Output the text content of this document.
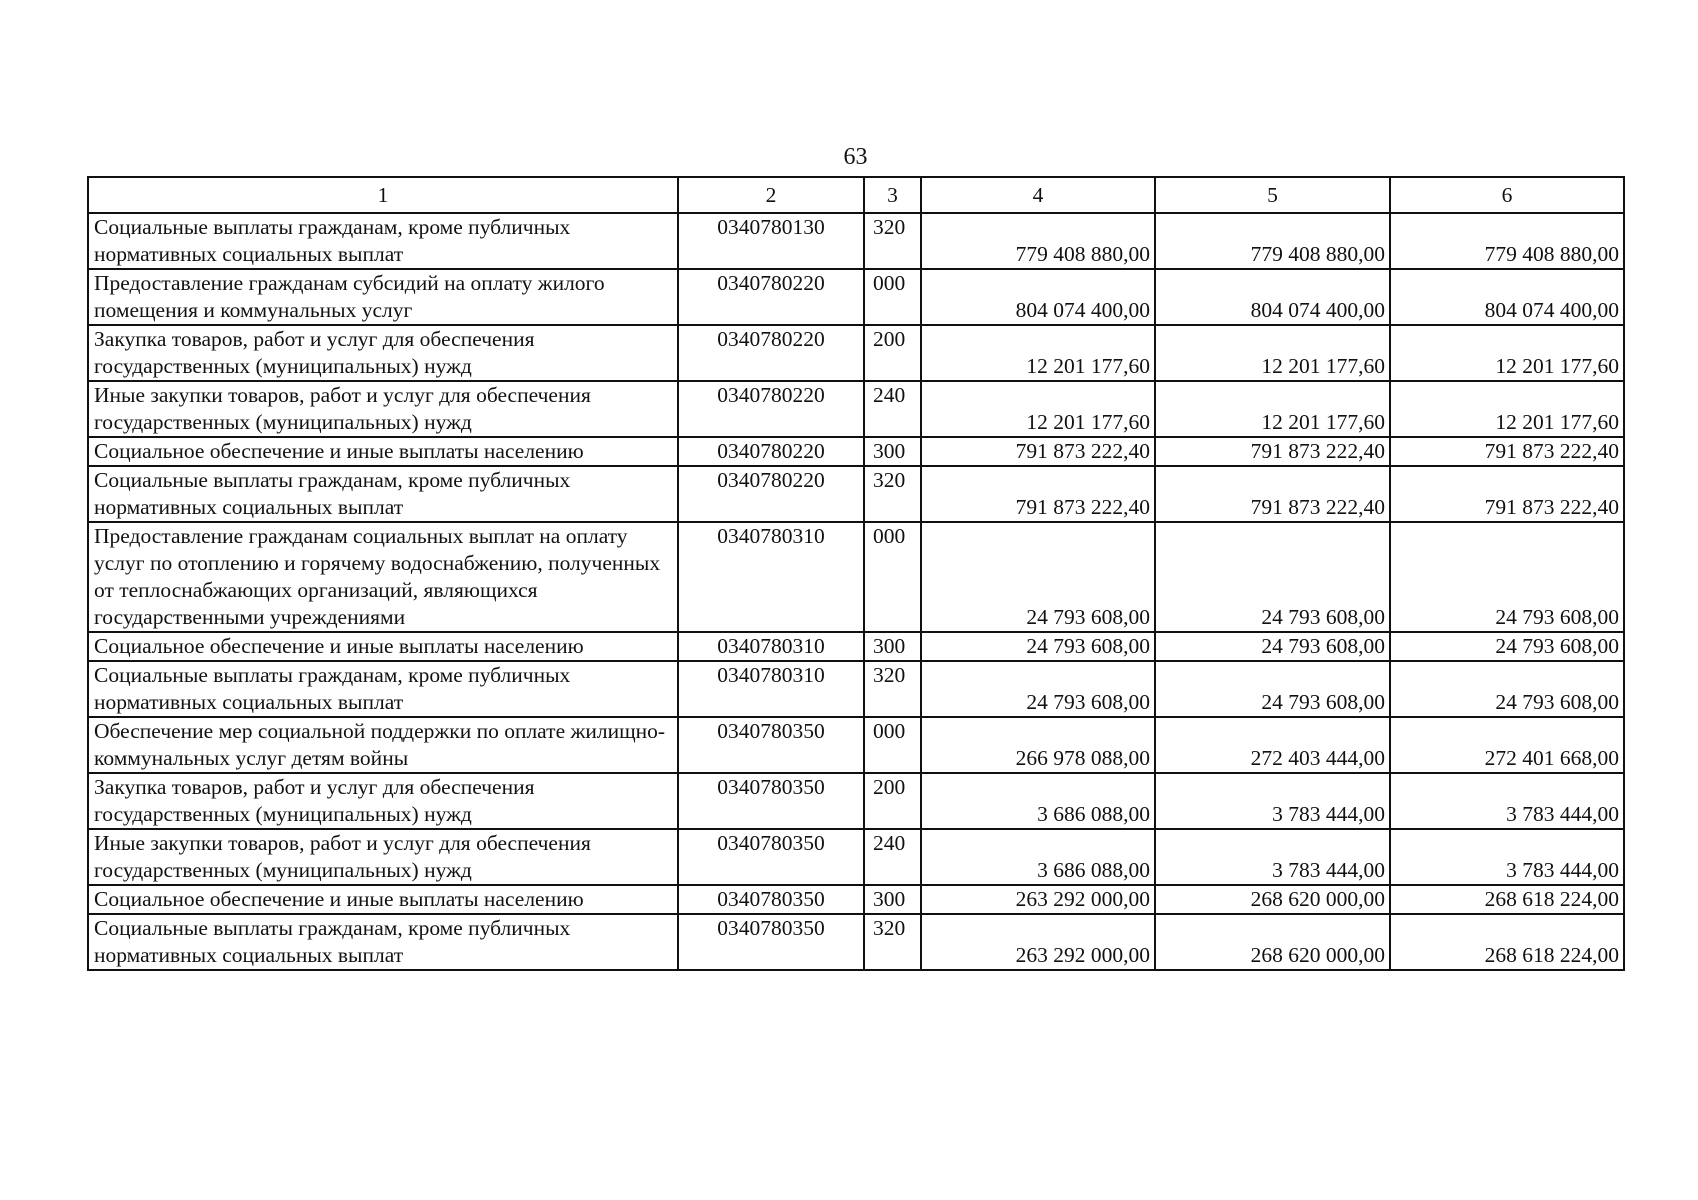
63
1	2	3	4	5	6
Социальные выплаты гражданам, кроме публичных нормативных социальных выплат	0340780130	320	779 408 880,00	779 408 880,00	779 408 880,00
Предоставление гражданам субсидий на оплату жилого помещения и коммунальных услуг	0340780220	000	804 074 400,00	804 074 400,00	804 074 400,00
Закупка товаров, работ и услуг для обеспечения государственных (муниципальных) нужд	0340780220	200	12 201 177,60	12 201 177,60	12 201 177,60
Иные закупки товаров, работ и услуг для обеспечения государственных (муниципальных) нужд	0340780220	240	12 201 177,60	12 201 177,60	12 201 177,60
Социальное обеспечение и иные выплаты населению	0340780220	300	791 873 222,40	791 873 222,40	791 873 222,40
Социальные выплаты гражданам, кроме публичных нормативных социальных выплат	0340780220	320	791 873 222,40	791 873 222,40	791 873 222,40
Предоставление гражданам социальных выплат на оплату услуг по отоплению и горячему водоснабжению, полученных от теплоснабжающих организаций, являющихся государственными учреждениями	0340780310	000	24 793 608,00	24 793 608,00	24 793 608,00
Социальное обеспечение и иные выплаты населению	0340780310	300	24 793 608,00	24 793 608,00	24 793 608,00
Социальные выплаты гражданам, кроме публичных нормативных социальных выплат	0340780310	320	24 793 608,00	24 793 608,00	24 793 608,00
Обеспечение мер социальной поддержки по оплате жилищно-коммунальных услуг детям войны	0340780350	000	266 978 088,00	272 403 444,00	272 401 668,00
Закупка товаров, работ и услуг для обеспечения государственных (муниципальных) нужд	0340780350	200	3 686 088,00	3 783 444,00	3 783 444,00
Иные закупки товаров, работ и услуг для обеспечения государственных (муниципальных) нужд	0340780350	240	3 686 088,00	3 783 444,00	3 783 444,00
Социальное обеспечение и иные выплаты населению	0340780350	300	263 292 000,00	268 620 000,00	268 618 224,00
Социальные выплаты гражданам, кроме публичных нормативных социальных выплат	0340780350	320	263 292 000,00	268 620 000,00	268 618 224,00
